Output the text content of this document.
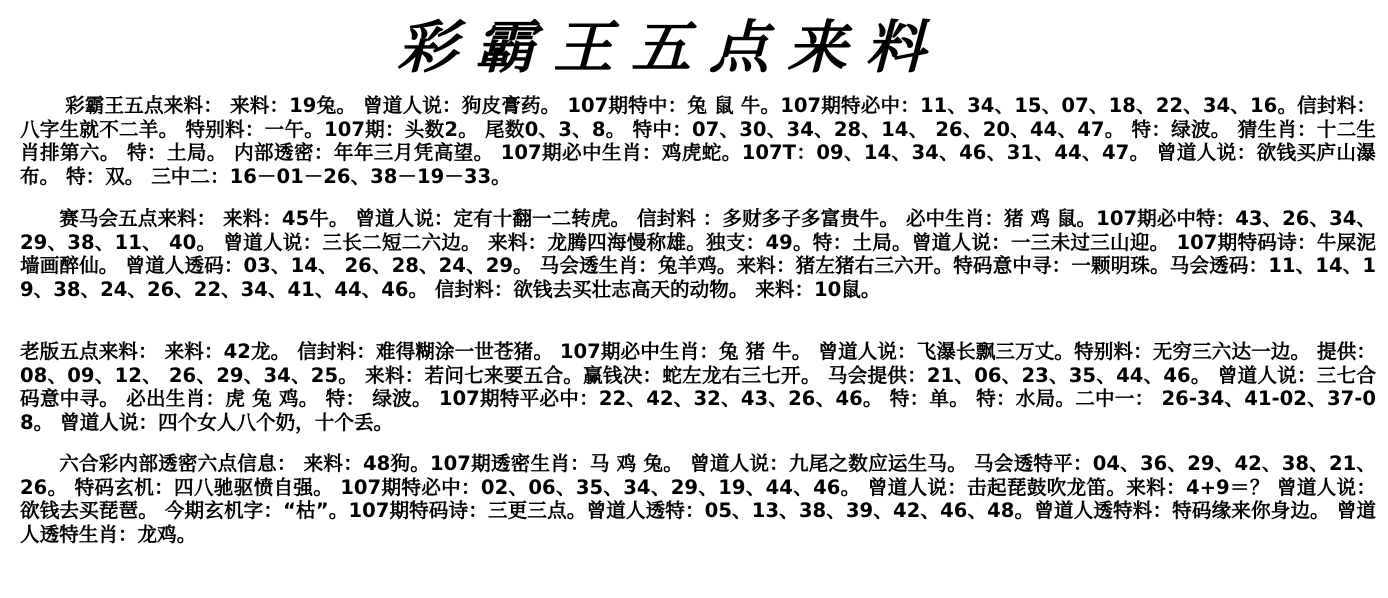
彩霸王五点来料

彩霸王五点来料： 来料：19兔。 曾道人说：狗皮膏药。 107期特中：兔 鼠 牛。107期特必中：11、34、15、07、18、22、34、16。信封料：八字生就不二羊。 特别料：一午。107期：头数2。 尾数0、3、8。 特中：07、30、34、28、14、 26、20、44、47。 特：绿波。 猜生肖：十二生肖排第六。 特：土局。 内部透密：年年三月凭高望。 107期必中生肖：鸡虎蛇。107T：09、14、34、46、31、44、47。 曾道人说：欲钱买庐山瀑布。 特：双。 三中二：16－01－26、38－19－33。

赛马会五点来料： 来料：45牛。 曾道人说：定有十翻一二转虎。 信封料 ：多财多子多富贵牛。 必中生肖：猪 鸡 鼠。107期必中特：43、26、34、29、38、11、 40。 曾道人说：三长二短二六边。 来料：龙腾四海慢称雄。独支：49。特：土局。曾道人说：一三未过三山迎。 107期特码诗：牛屎泥墙画醉仙。 曾道人透码：03、14、 26、28、24、29。 马会透生肖：兔羊鸡。来料：猪左猪右三六开。特码意中寻：一颗明珠。马会透码：11、14、19、38、24、26、22、34、41、44、46。 信封料：欲钱去买壮志高天的动物。 来料：10鼠。

老版五点来料： 来料：42龙。 信封料：难得糊涂一世苍猪。 107期必中生肖：兔 猪 牛。 曾道人说：飞瀑长飘三万丈。特别料：无穷三六达一边。 提供：08、09、12、 26、29、34、25。 来料：若问七来要五合。赢钱决：蛇左龙右三七开。 马会提供：21、06、23、35、44、46。 曾道人说：三七合码意中寻。 必出生肖：虎 兔 鸡。 特： 绿波。 107期特平必中：22、42、32、43、26、46。 特：单。 特：水局。二中一： 26-34、41-02、37-08。 曾道人说：四个女人八个奶，十个丢。

六合彩内部透密六点信息： 来料：48狗。107期透密生肖：马 鸡 兔。 曾道人说：九尾之数应运生马。 马会透特平：04、36、29、42、38、21、26。 特码玄机：四八驰驱愤自强。 107期特必中：02、06、35、34、29、19、44、46。 曾道人说：击起琵鼓吹龙笛。来料：4+9＝？ 曾道人说：欲钱去买琵琶。 今期玄机字：“枯”。107期特码诗：三更三点。曾道人透特：05、13、38、39、42、46、48。曾道人透特料：特码缘来你身边。 曾道人透特生肖：龙鸡。
